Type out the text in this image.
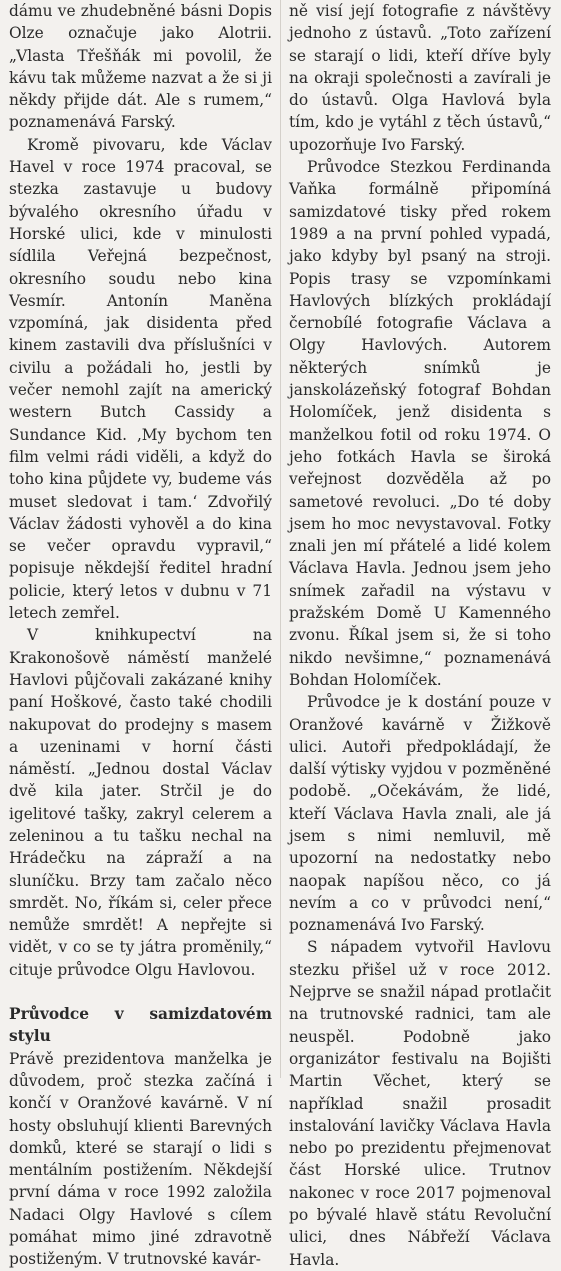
dámu ve zhudebněné básni Dopis Olze označuje jako Alotrii. „Vlasta Třešňák mi povolil, že kávu tak můžeme nazvat a že si ji někdy přijde dát. Ale s rumem,“ poznamenává Farský.

Kromě pivovaru, kde Václav Havel v roce 1974 pracoval, se stezka zastavuje u budovy bývalého okresního úřadu v Horské ulici, kde v minulosti sídlila Veřejná bezpečnost, okresního soudu nebo kina Vesmír. Antonín Maněna vzpomíná, jak disidenta před kinem zastavili dva příslušníci v civilu a požádali ho, jestli by večer nemohl zajít na americký western Butch Cassidy a Sundance Kid. ‚My bychom ten film velmi rádi viděli, a když do toho kina půjdete vy, budeme vás muset sledovat i tam.‘ Zdvořilý Václav žádosti vyhověl a do kina se večer opravdu vypravil,“ popisuje někdejší ředitel hradní policie, který letos v dubnu v 71 letech zemřel.

V knihkupectví na Krakonošově náměstí manželé Havlovi půjčovali zakázané knihy paní Hoškové, často také chodili nakupovat do prodejny s masem a uzeninami v horní části náměstí. „Jednou dostal Václav dvě kila jater. Strčil je do igelitové tašky, zakryl celerem a zeleninou a tu tašku nechal na Hrádečku na zápraží a na sluníčku. Brzy tam začalo něco smrdět. No, říkám si, celer přece nemůže smrdět! A nepřejte si vidět, v co se ty játra proměnily,“ cituje průvodce Olgu Havlovou.

Průvodce v samizdatovém stylu

Právě prezidentova manželka je důvodem, proč stezka začíná i končí v Oranžové kavárně. V ní hosty obsluhují klienti Barevných domků, které se starají o lidi s mentálním postižením. Někdejší první dáma v roce 1992 založila Nadaci Olgy Havlové s cílem pomáhat mimo jiné zdravotně postiženým. V trutnovské kavár-

ně visí její fotografie z návštěvy jednoho z ústavů. „Toto zařízení se starají o lidi, kteří dříve byly na okraji společnosti a zavírali je do ústavů. Olga Havlová byla tím, kdo je vytáhl z těch ústavů,“ upozorňuje Ivo Farský.

Průvodce Stezkou Ferdinanda Vaňka formálně připomíná samizdatové tisky před rokem 1989 a na první pohled vypadá, jako kdyby byl psaný na stroji. Popis trasy se vzpomínkami Havlových blízkých prokládají černobílé fotografie Václava a Olgy Havlových. Autorem některých snímků je janskolázeňský fotograf Bohdan Holomíček, jenž disidenta s manželkou fotil od roku 1974. O jeho fotkách Havla se široká veřejnost dozvěděla až po sametové revoluci. „Do té doby jsem ho moc nevystavoval. Fotky znali jen mí přátelé a lidé kolem Václava Havla. Jednou jsem jeho snímek zařadil na výstavu v pražském Domě U Kamenného zvonu. Říkal jsem si, že si toho nikdo nevšimne,“ poznamenává Bohdan Holomíček.

Průvodce je k dostání pouze v Oranžové kavárně v Žižkově ulici. Autoři předpokládají, že další výtisky vyjdou v pozměněné podobě. „Očekávám, že lidé, kteří Václava Havla znali, ale já jsem s nimi nemluvil, mě upozorní na nedostatky nebo naopak napíšou něco, co já nevím a co v průvodci není,“ poznamenává Ivo Farský.

S nápadem vytvořil Havlovu stezku přišel už v roce 2012. Nejprve se snažil nápad protlačit na trutnovské radnici, tam ale neuspěl. Podobně jako organizátor festivalu na Bojišti Martin Věchet, který se například snažil prosadit instalování lavičky Václava Havla nebo po prezidentu přejmenovat část Horské ulice. Trutnov nakonec v roce 2017 pojmenoval po bývalé hlavě státu Revoluční ulici, dnes Nábřeží Václava Havla.
